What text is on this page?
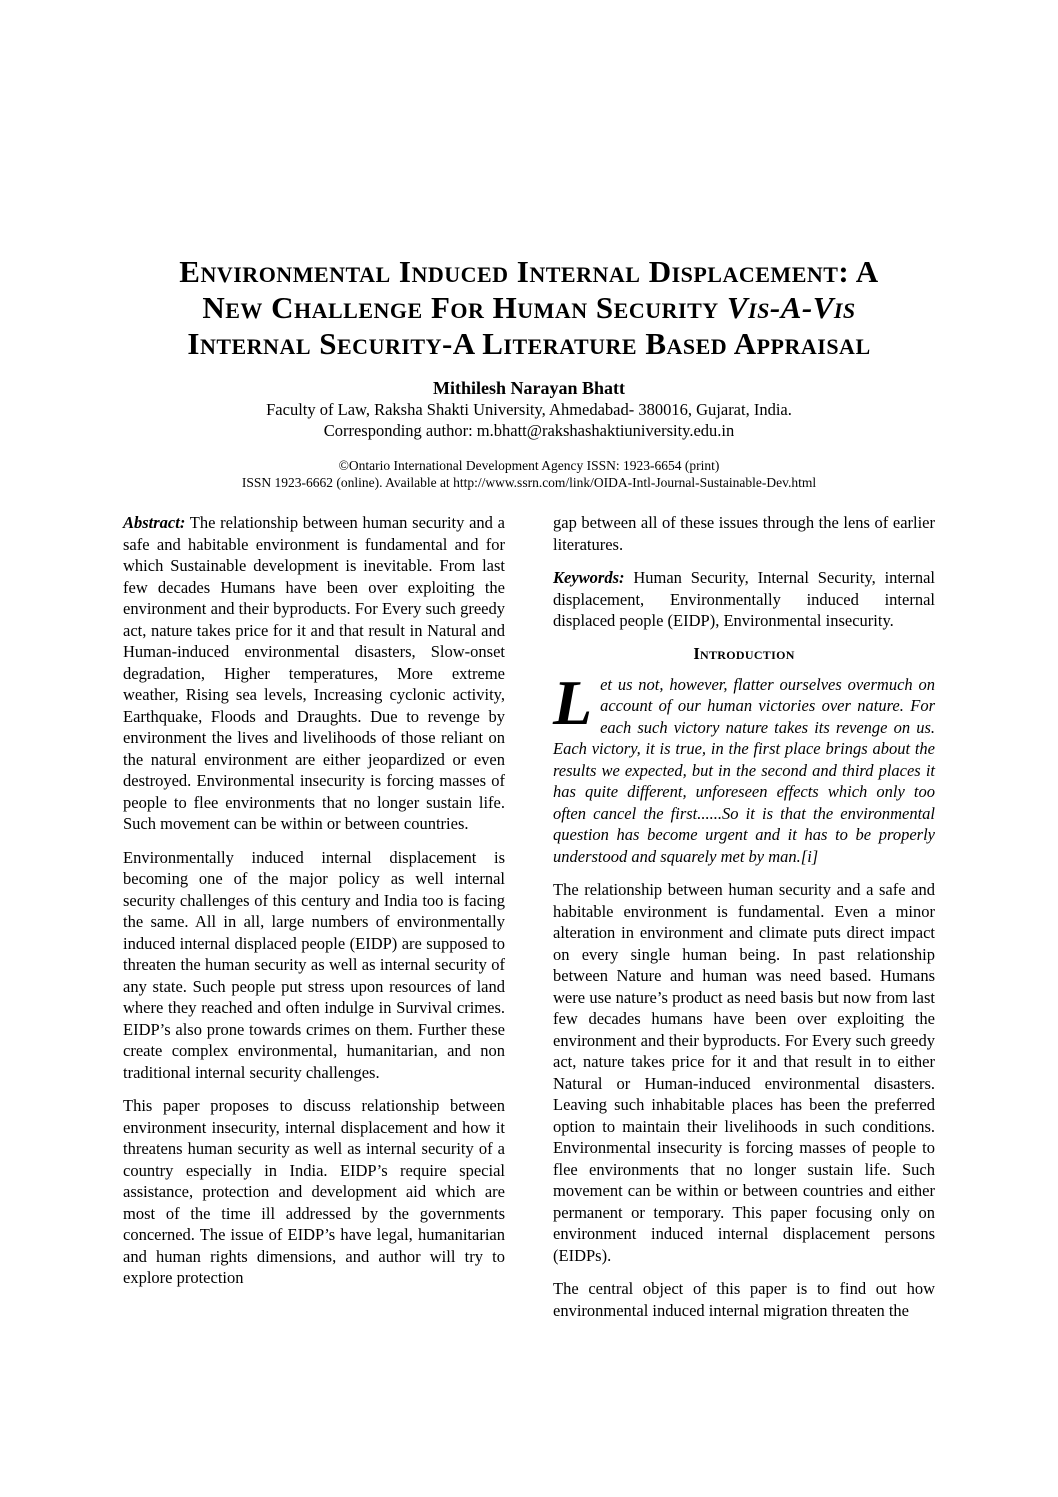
Environmental Induced Internal Displacement: A
New Challenge For Human Security Vis-A-Vis
Internal Security-A Literature Based Appraisal
Mithilesh Narayan Bhatt
Faculty of Law, Raksha Shakti University, Ahmedabad- 380016, Gujarat, India.
Corresponding author: m.bhatt@rakshashaktiuniversity.edu.in
©Ontario International Development Agency ISSN: 1923-6654 (print)
ISSN 1923-6662 (online). Available at http://www.ssrn.com/link/OIDA-Intl-Journal-Sustainable-Dev.html

Abstract: The relationship between human security and a safe and habitable environment is fundamental and for which Sustainable development is inevitable. From last few decades Humans have been over exploiting the environment and their byproducts. For Every such greedy act, nature takes price for it and that result in Natural and Human-induced environmental disasters, Slow-onset degradation, Higher temperatures, More extreme weather, Rising sea levels, Increasing cyclonic activity, Earthquake, Floods and Draughts. Due to revenge by environment the lives and livelihoods of those reliant on the natural environment are either jeopardized or even destroyed. Environmental insecurity is forcing masses of people to flee environments that no longer sustain life. Such movement can be within or between countries.

Environmentally induced internal displacement is becoming one of the major policy as well internal security challenges of this century and India too is facing the same. All in all, large numbers of environmentally induced internal displaced people (EIDP) are supposed to threaten the human security as well as internal security of any state. Such people put stress upon resources of land where they reached and often indulge in Survival crimes. EIDP’s also prone towards crimes on them. Further these create complex environmental, humanitarian, and non traditional internal security challenges.

This paper proposes to discuss relationship between environment insecurity, internal displacement and how it threatens human security as well as internal security of a country especially in India. EIDP’s require special assistance, protection and development aid which are most of the time ill addressed by the governments concerned. The issue of EIDP’s have legal, humanitarian and human rights dimensions, and author will try to explore protection

gap between all of these issues through the lens of earlier literatures.

Keywords: Human Security, Internal Security, internal displacement, Environmentally induced internal displaced people (EIDP), Environmental insecurity.

Introduction

Let us not, however, flatter ourselves overmuch on account of our human victories over nature. For each such victory nature takes its revenge on us. Each victory, it is true, in the first place brings about the results we expected, but in the second and third places it has quite different, unforeseen effects which only too often cancel the first......So it is that the environmental question has become urgent and it has to be properly understood and squarely met by man.[i]

The relationship between human security and a safe and habitable environment is fundamental. Even a minor alteration in environment and climate puts direct impact on every single human being. In past relationship between Nature and human was need based. Humans were use nature’s product as need basis but now from last few decades humans have been over exploiting the environment and their byproducts. For Every such greedy act, nature takes price for it and that result in to either Natural or Human-induced environmental disasters. Leaving such inhabitable places has been the preferred option to maintain their livelihoods in such conditions. Environmental insecurity is forcing masses of people to flee environments that no longer sustain life. Such movement can be within or between countries and either permanent or temporary. This paper focusing only on environment induced internal displacement persons (EIDPs).

The central object of this paper is to find out how environmental induced internal migration threaten the
